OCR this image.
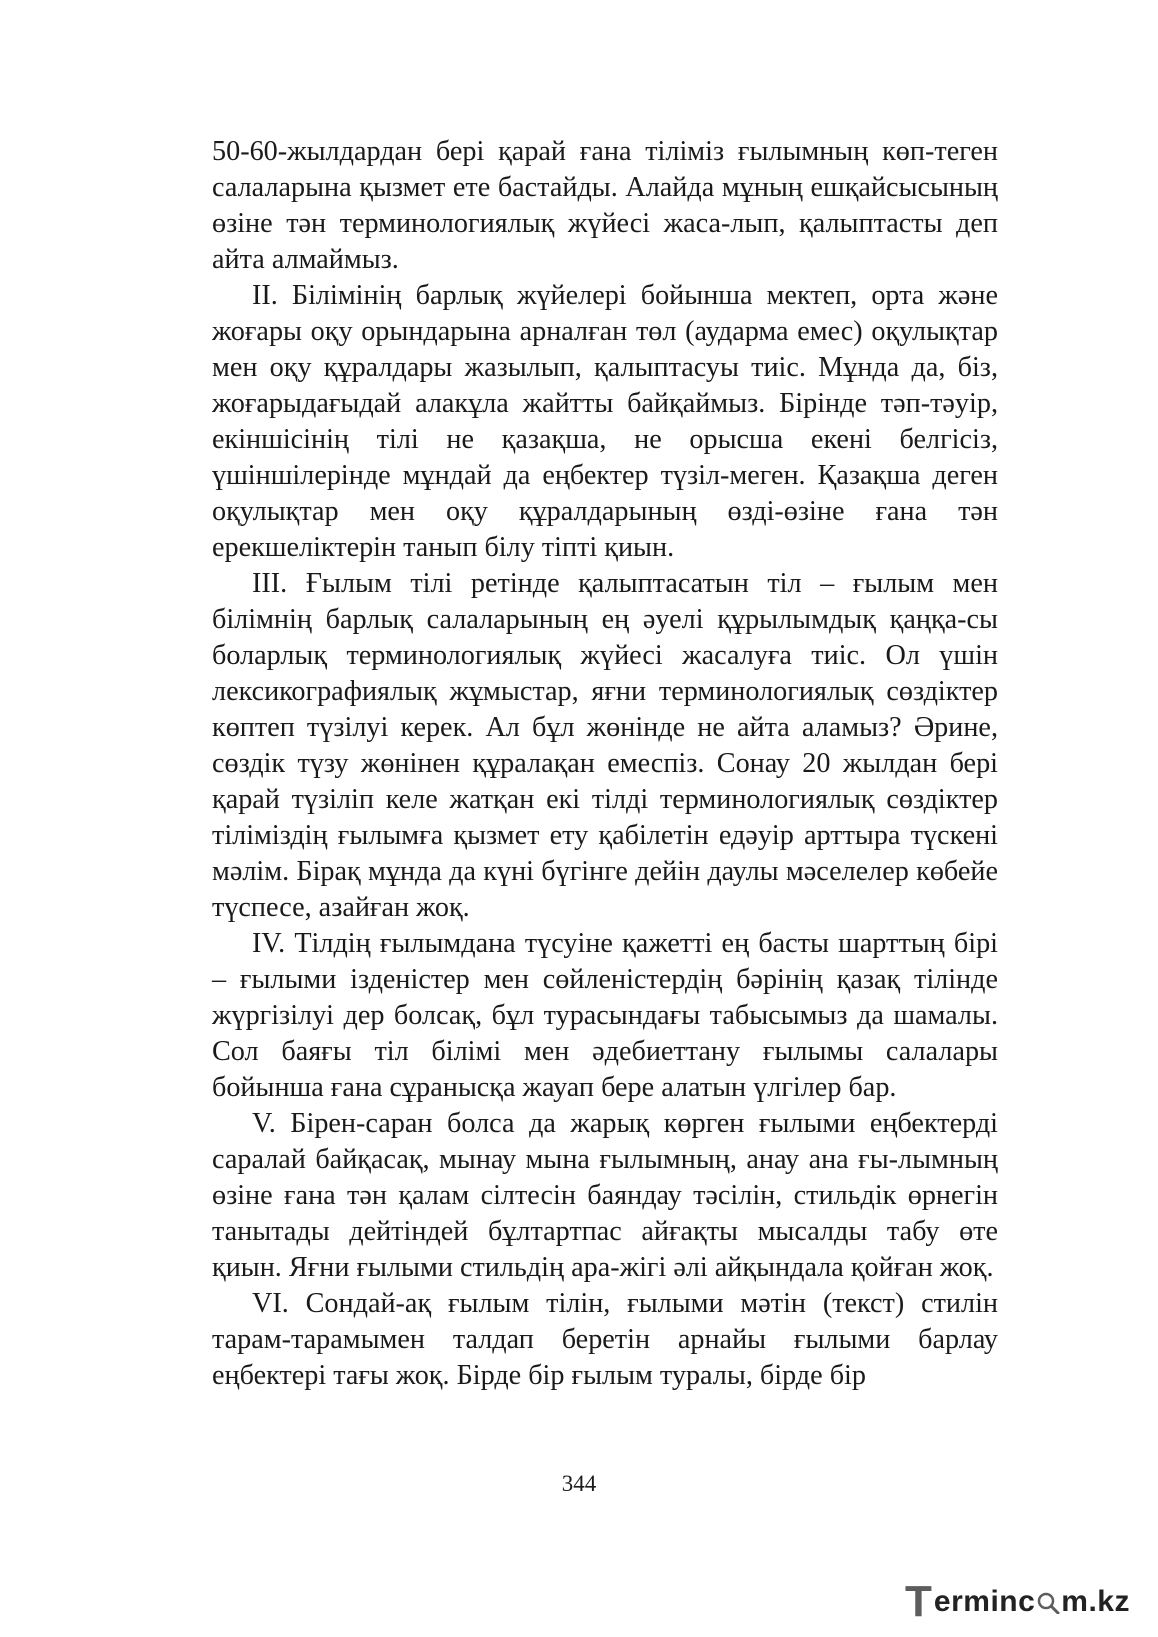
50-60-жылдардан бері қарай ғана тіліміз ғылымның көп-теген салаларына қызмет ете бастайды. Алайда мұның ешқайсысының өзіне тән терминологиялық жүйесі жаса-лып, қалыптасты деп айта алмаймыз.

ІІ. Білімінің барлық жүйелері бойынша мектеп, орта және жоғары оқу орындарына арналған төл (аударма емес) оқулықтар мен оқу құралдары жазылып, қалыптасуы тиіс. Мұнда да, біз, жоғарыдағыдай алакұла жайтты байқаймыз. Бірінде тәп-тәуір, екіншісінің тілі не қазақша, не орысша екені белгісіз, үшіншілерінде мұндай да еңбектер түзіл-меген. Қазақша деген оқулықтар мен оқу құралдарының өзді-өзіне ғана тән ерекшеліктерін танып білу тіпті қиын.

ІІІ. Ғылым тілі ретінде қалыптасатын тіл – ғылым мен білімнің барлық салаларының ең әуелі құрылымдық қаңқа-сы боларлық терминологиялық жүйесі жасалуға тиіс. Ол үшін лексикографиялық жұмыстар, яғни терминологиялық сөздіктер көптеп түзілуі керек. Ал бұл жөнінде не айта аламыз? Әрине, сөздік түзу жөнінен құралақан емеспіз. Сонау 20 жылдан бері қарай түзіліп келе жатқан екі тілді терминологиялық сөздіктер тіліміздің ғылымға қызмет ету қабілетін едәуір арттыра түскені мәлім. Бірақ мұнда да күні бүгінге дейін даулы мәселелер көбейе түспесе, азайған жоқ.

IV. Тілдің ғылымдана түсуіне қажетті ең басты шарттың бірі – ғылыми ізденістер мен сөйленістердің бәрінің қазақ тілінде жүргізілуі дер болсақ, бұл турасындағы табысымыз да шамалы. Сол баяғы тіл білімі мен әдебиеттану ғылымы салалары бойынша ғана сұранысқа жауап бере алатын үлгілер бар.

V. Бірен-саран болса да жарық көрген ғылыми еңбектерді саралай байқасақ, мынау мына ғылымның, анау ана ғы-лымның өзіне ғана тән қалам сілтесін баяндау тәсілін, стильдік өрнегін танытады дейтіндей бұлтартпас айғақты мысалды табу өте қиын. Яғни ғылыми стильдің ара-жігі әлі айқындала қойған жоқ.

VI. Сондай-ақ ғылым тілін, ғылыми мәтін (текст) стилін тарам-тарамымен талдап беретін арнайы ғылыми барлау еңбектері тағы жоқ. Бірде бір ғылым туралы, бірде бір

344
T erminc m.kz
